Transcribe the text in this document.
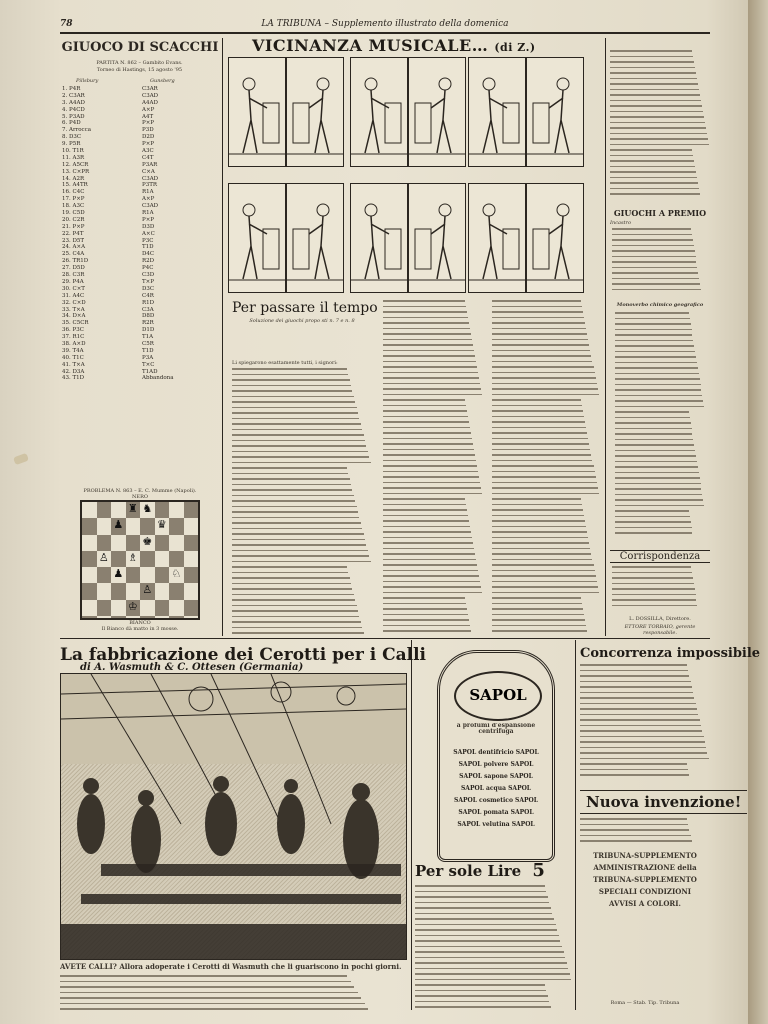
78	LA TRIBUNA – Supplemento illustrato della domenica
GIUOCO DI SCACCHI
PARTITA N. 862 – Gambito Evans.
Torneo di Hastings, 15 agosto '95
Pillsbury	Gunsberg
1. P4R	C3AR
2. C3AR	C3AD
3. A4AD	A4AD
4. P4CD	A×P
5. P3AD	A4T
6. P4D	P×P
7. Arrocca	P3D
8. D3C	D2D
9. P5R	P×P
10. T1R	A3C
11. A3R	C4T
12. A5CR	P3AR
13. C×PR	C×A
14. A2R	C3AD
15. A4TR	P3TR
16. C4C	R1A
17. P×P	A×P
18. A3C	C3AD
19. C5D	R1A
20. C2R	P×P
21. P×P	D3D
22. P4T	A×C
23. D5T	P3C
24. A×A	T1D
25. C4A	D4C
26. TR1D	R2D
27. D5D	P4C
28. C3R	C3D
29. P4A	T×P
30. C×T	D3C
31. A4C	C4R
32. C×D	R1D
33. T×A	C3A
34. D×A	D8D
35. C5CR	R2R
36. P3C	D1D
37. R1C	T1A
38. A×D	C5R
39. T4A	T1D
40. T1C	P3A
41. T×A	T×C
42. D3A	T1AD
43. T1D	Abbandona
PROBLEMA N. 863 – E. C. Mumme (Napoli).
NERO
♜ ♞
♟	♛
♚
♙ ♗
♟	♘
♙
♔
BIANCO
Il Bianco dà matto in 3 mosse.
VICINANZA MUSICALE… (di Z.)
Per passare il tempo
Soluzione dei giuochi propo sti n. 7 e n. 8
Li spiegarono esattamente tutti, i signori:
GIUOCHI A PREMIO
Incastro
Monoverbo chimico geografico
Corrispondenza
L. DOSSILLA, Direttore.
ETTORE TORBAIO, gerente responsabile.
La fabbricazione dei Cerotti per i Calli
di A. Wasmuth & C. Ottesen (Germania)
AVETE CALLI? Allora adoperate i Cerotti di Wasmuth che li guariscono in pochi giorni.
SAPOL
a profumi d'espansione centrifuga
SAPOL dentifricio SAPOL
SAPOL polvere SAPOL
SAPOL sapone SAPOL
SAPOL acqua SAPOL
SAPOL cosmetico SAPOL
SAPOL pomata SAPOL
SAPOL velutina SAPOL
Per sole Lire 5
Concorrenza impossibile
Nuova invenzione!
TRIBUNA-SUPPLEMENTO
AMMINISTRAZIONE della TRIBUNA-SUPPLEMENTO
SPECIALI CONDIZIONI
AVVISI A COLORI.
Roma — Stab. Tip. Tribuna
